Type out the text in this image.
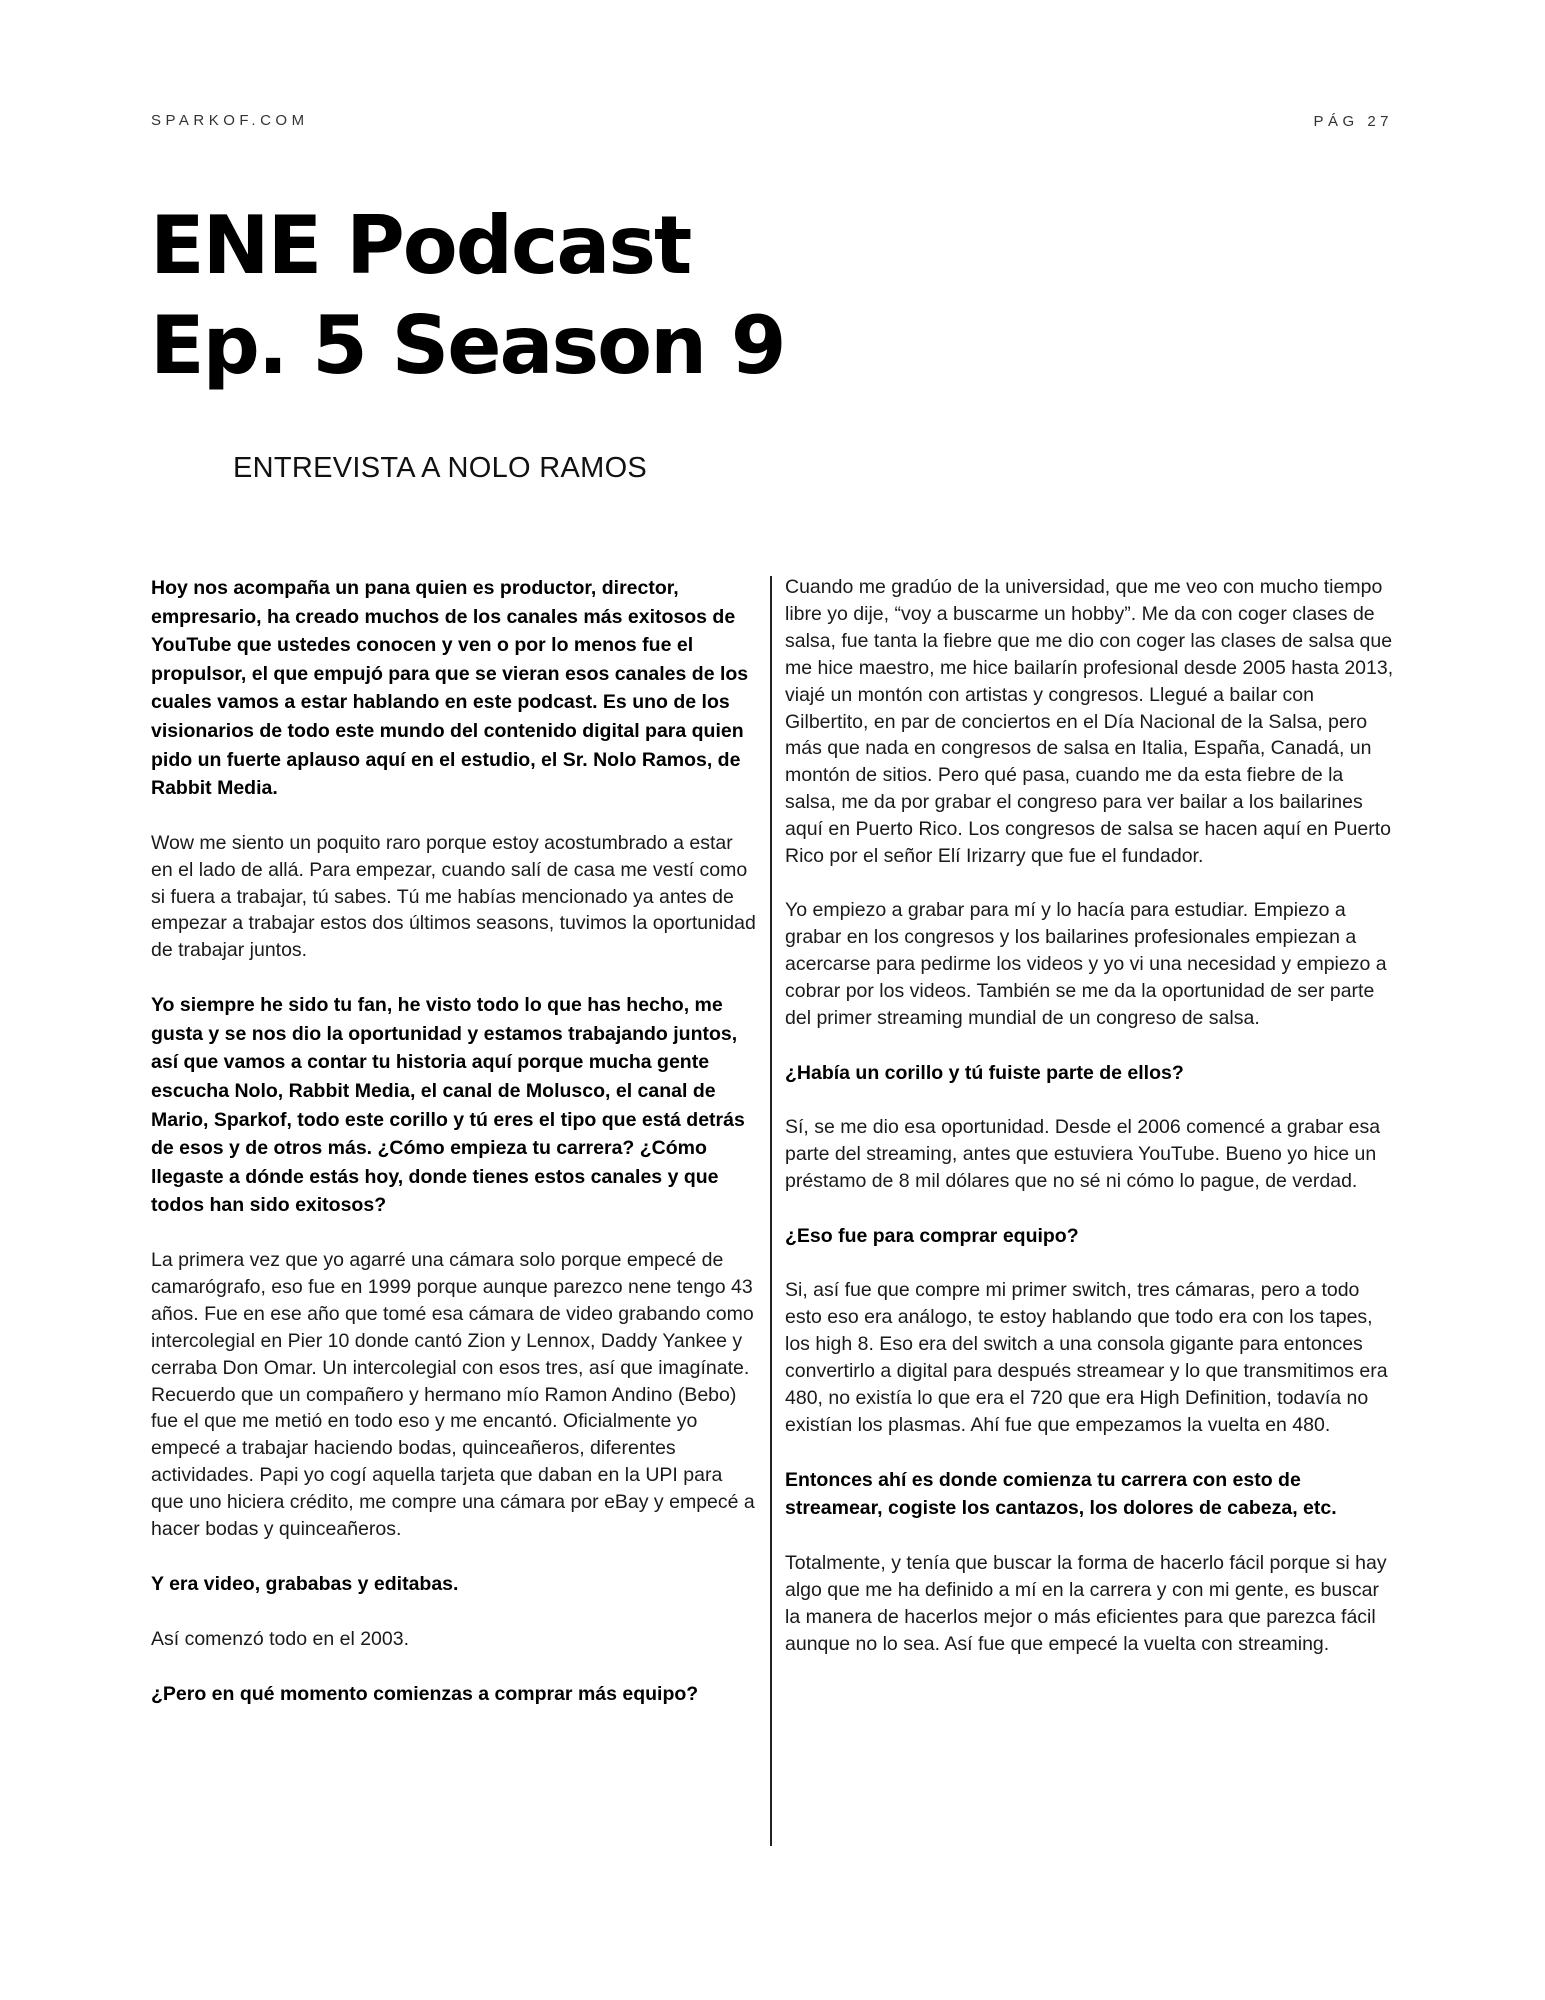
SPARKOF.COM	PÁG 27
ENE Podcast
Ep. 5 Season 9
ENTREVISTA A NOLO RAMOS

Hoy nos acompaña un pana quien es productor, director, empresario, ha creado muchos de los canales más exitosos de YouTube que ustedes conocen y ven o por lo menos fue el propulsor, el que empujó para que se vieran esos canales de los cuales vamos a estar hablando en este podcast. Es uno de los visionarios de todo este mundo del contenido digital para quien pido un fuerte aplauso aquí en el estudio, el Sr. Nolo Ramos, de Rabbit Media.

Wow me siento un poquito raro porque estoy acostumbrado a estar en el lado de allá. Para empezar, cuando salí de casa me vestí como si fuera a trabajar, tú sabes. Tú me habías mencionado ya antes de empezar a trabajar estos dos últimos seasons, tuvimos la oportunidad de trabajar juntos.

Yo siempre he sido tu fan, he visto todo lo que has hecho, me gusta y se nos dio la oportunidad y estamos trabajando juntos, así que vamos a contar tu historia aquí porque mucha gente escucha Nolo, Rabbit Media, el canal de Molusco, el canal de Mario, Sparkof, todo este corillo y tú eres el tipo que está detrás de esos y de otros más. ¿Cómo empieza tu carrera? ¿Cómo llegaste a dónde estás hoy, donde tienes estos canales y que todos han sido exitosos?

La primera vez que yo agarré una cámara solo porque empecé de camarógrafo, eso fue en 1999 porque aunque parezco nene tengo 43 años. Fue en ese año que tomé esa cámara de video grabando como intercolegial en Pier 10 donde cantó Zion y Lennox, Daddy Yankee y cerraba Don Omar. Un intercolegial con esos tres, así que imagínate. Recuerdo que un compañero y hermano mío Ramon Andino (Bebo) fue el que me metió en todo eso y me encantó. Oficialmente yo empecé a trabajar haciendo bodas, quinceañeros, diferentes actividades. Papi yo cogí aquella tarjeta que daban en la UPI para que uno hiciera crédito, me compre una cámara por eBay y empecé a hacer bodas y quinceañeros.

Y era video, grababas y editabas.

Así comenzó todo en el 2003.

¿Pero en qué momento comienzas a comprar más equipo?

Cuando me gradúo de la universidad, que me veo con mucho tiempo libre yo dije, “voy a buscarme un hobby”. Me da con coger clases de salsa, fue tanta la fiebre que me dio con coger las clases de salsa que me hice maestro, me hice bailarín profesional desde 2005 hasta 2013, viajé un montón con artistas y congresos. Llegué a bailar con Gilbertito, en par de conciertos en el Día Nacional de la Salsa, pero más que nada en congresos de salsa en Italia, España, Canadá, un montón de sitios. Pero qué pasa, cuando me da esta fiebre de la salsa, me da por grabar el congreso para ver bailar a los bailarines aquí en Puerto Rico. Los congresos de salsa se hacen aquí en Puerto Rico por el señor Elí Irizarry que fue el fundador.

Yo empiezo a grabar para mí y lo hacía para estudiar. Empiezo a grabar en los congresos y los bailarines profesionales empiezan a acercarse para pedirme los videos y yo vi una necesidad y empiezo a cobrar por los videos. También se me da la oportunidad de ser parte del primer streaming mundial de un congreso de salsa.

¿Había un corillo y tú fuiste parte de ellos?

Sí, se me dio esa oportunidad. Desde el 2006 comencé a grabar esa parte del streaming, antes que estuviera YouTube. Bueno yo hice un préstamo de 8 mil dólares que no sé ni cómo lo pague, de verdad.

¿Eso fue para comprar equipo?

Si, así fue que compre mi primer switch, tres cámaras, pero a todo esto eso era análogo, te estoy hablando que todo era con los tapes, los high 8. Eso era del switch a una consola gigante para entonces convertirlo a digital para después streamear y lo que transmitimos era 480, no existía lo que era el 720 que era High Definition, todavía no existían los plasmas. Ahí fue que empezamos la vuelta en 480.

Entonces ahí es donde comienza tu carrera con esto de streamear, cogiste los cantazos, los dolores de cabeza, etc.

Totalmente, y tenía que buscar la forma de hacerlo fácil porque si hay algo que me ha definido a mí en la carrera y con mi gente, es buscar la manera de hacerlos mejor o más eficientes para que parezca fácil aunque no lo sea. Así fue que empecé la vuelta con streaming.
